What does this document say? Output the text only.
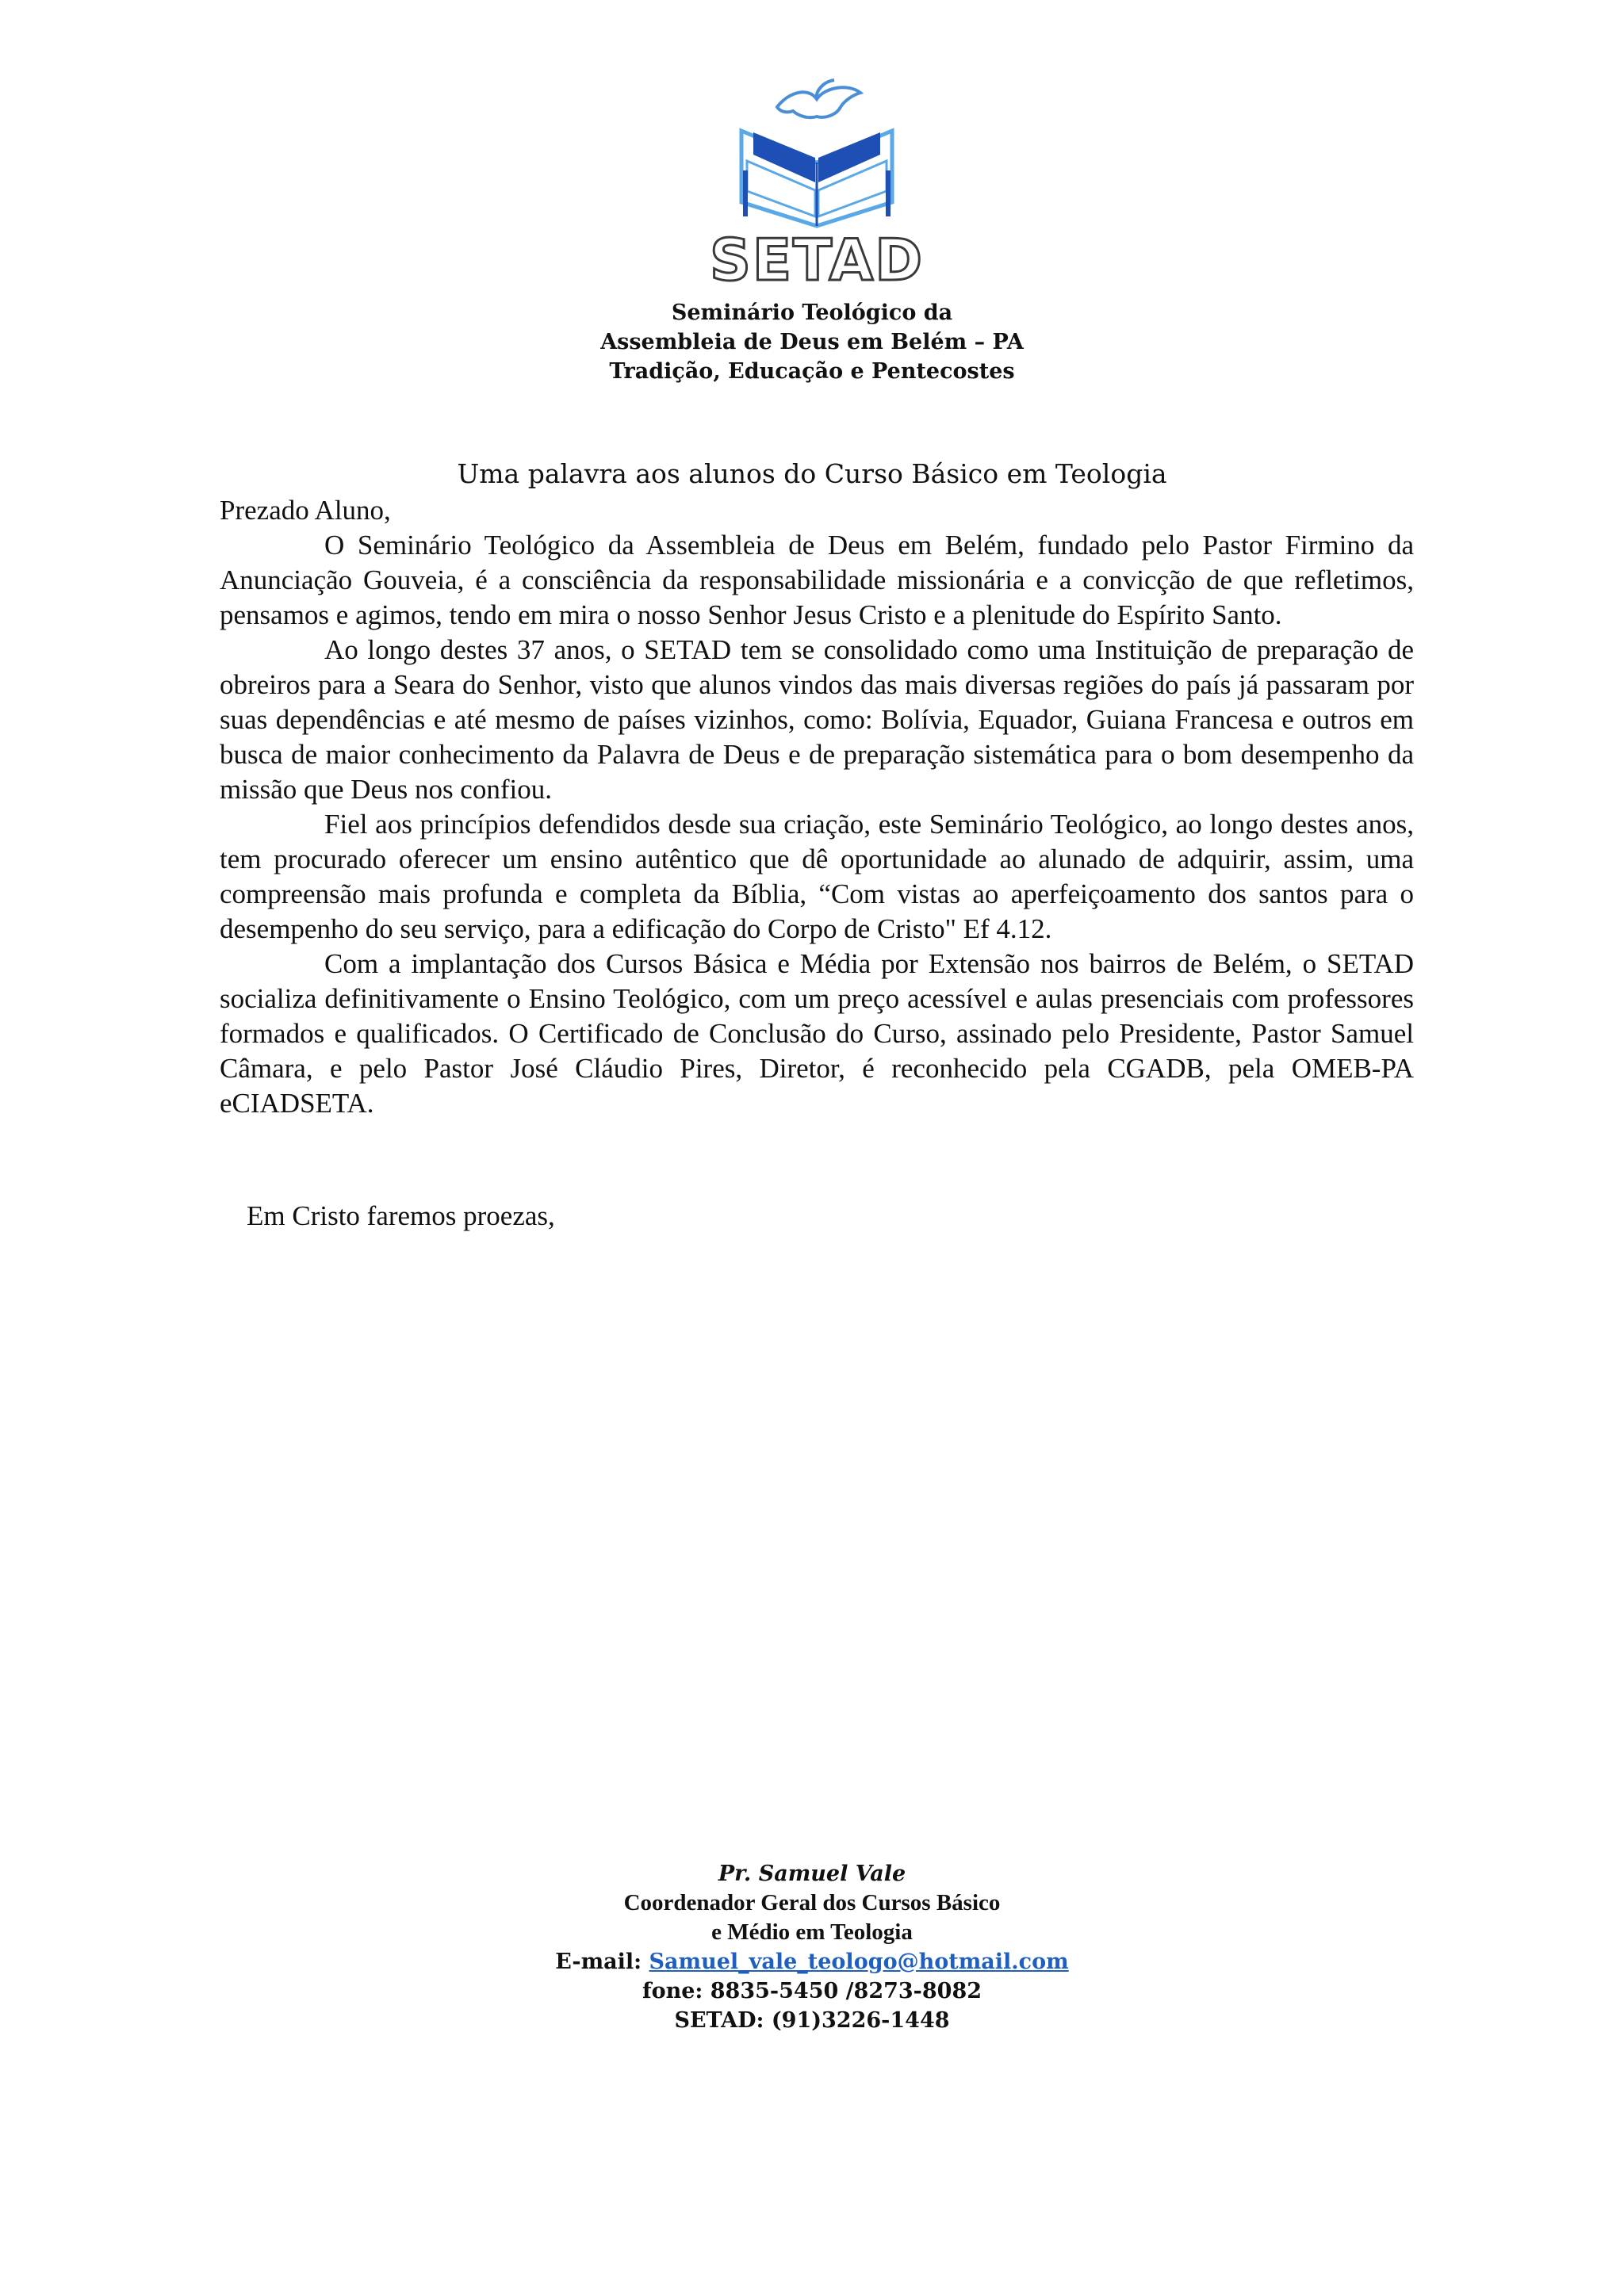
SETAD
Seminário Teológico da
Assembleia de Deus em Belém – PA
Tradição, Educação e Pentecostes
Uma palavra aos alunos do Curso Básico em Teologia

Prezado Aluno,

O Seminário Teológico da Assembleia de Deus em Belém, fundado pelo Pastor Firmino da Anunciação Gouveia, é a consciência da responsabilidade missionária e a convicção de que refletimos, pensamos e agimos, tendo em mira o nosso Senhor Jesus Cristo e a plenitude do Espírito Santo.

Ao longo destes 37 anos, o SETAD tem se consolidado como uma Instituição de preparação de obreiros para a Seara do Senhor, visto que alunos vindos das mais diversas regiões do país já passaram por suas dependências e até mesmo de países vizinhos, como: Bolívia, Equador, Guiana Francesa e outros em busca de maior conhecimento da Palavra de Deus e de preparação sistemática para o bom desempenho da missão que Deus nos confiou.

Fiel aos princípios defendidos desde sua criação, este Seminário Teológico, ao longo destes anos, tem procurado oferecer um ensino autêntico que dê oportunidade ao alunado de adquirir, assim, uma compreensão mais profunda e completa da Bíblia, “Com vistas ao aperfeiçoamento dos santos para o desempenho do seu serviço, para a edificação do Corpo de Cristo" Ef 4.12.

Com a implantação dos Cursos Básica e Média por Extensão nos bairros de Belém, o SETAD socializa definitivamente o Ensino Teológico, com um preço acessível e aulas presenciais com professores formados e qualificados. O Certificado de Conclusão do Curso, assinado pelo Presidente, Pastor Samuel Câmara, e pelo Pastor José Cláudio Pires, Diretor, é reconhecido pela CGADB, pela OMEB-PA eCIADSETA.

Em Cristo faremos proezas,
Pr. Samuel Vale
Coordenador Geral dos Cursos Básico
e Médio em Teologia
E-mail: Samuel_vale_teologo@hotmail.com
fone: 8835-5450 /8273-8082
SETAD: (91)3226-1448
